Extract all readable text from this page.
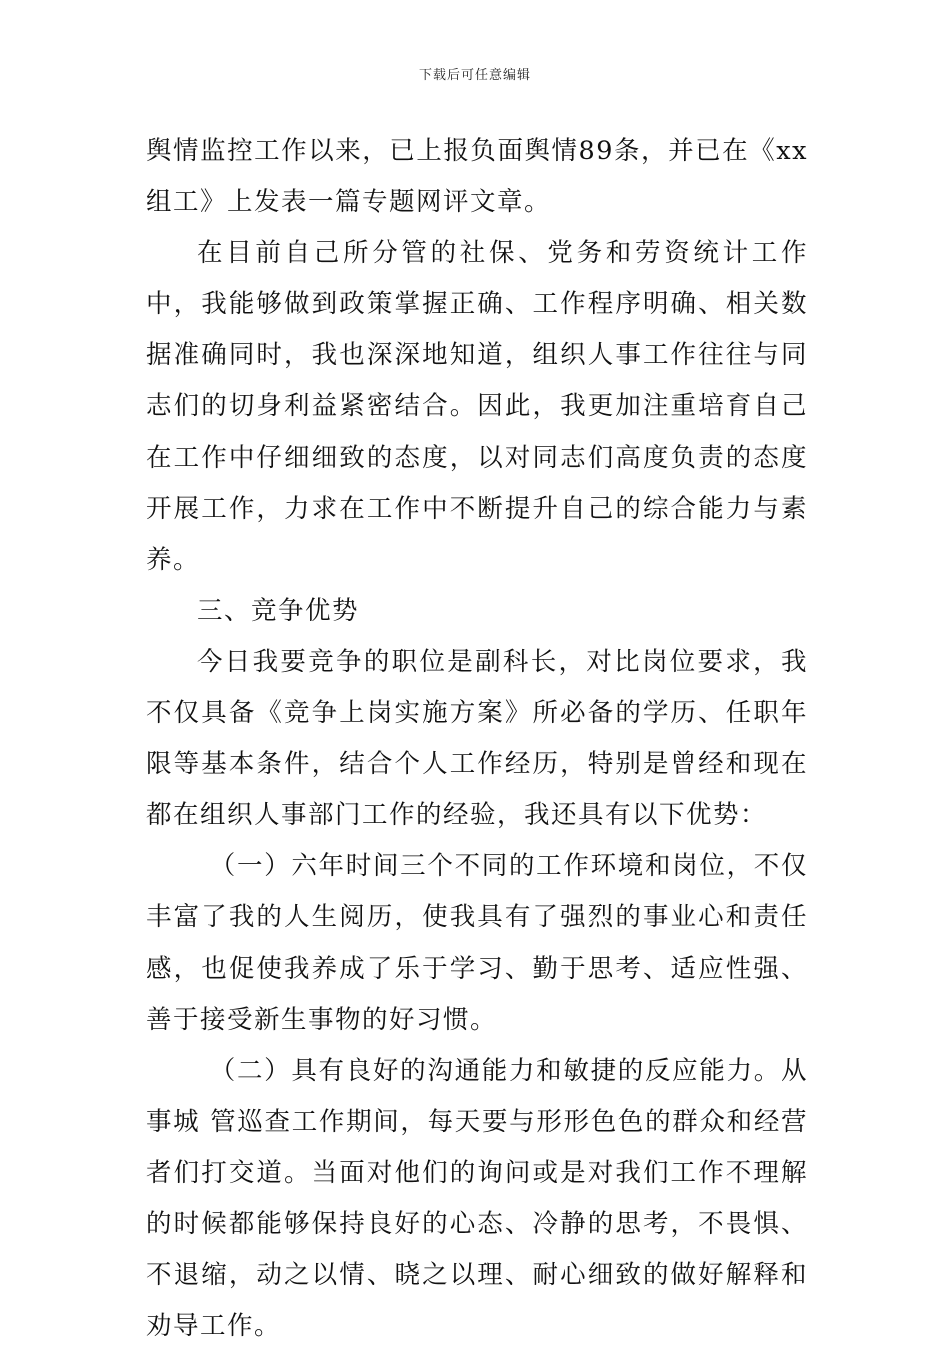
下载后可任意编辑

舆情监控工作以来，已上报负面舆情89条，并已在《xx组工》上发表一篇专题网评文章。

在目前自己所分管的社保、党务和劳资统计工作中，我能够做到政策掌握正确、工作程序明确、相关数据准确同时，我也深深地知道，组织人事工作往往与同志们的切身利益紧密结合。因此，我更加注重培育自己在工作中仔细细致的态度，以对同志们高度负责的态度开展工作，力求在工作中不断提升自己的综合能力与素养。

三、竞争优势

今日我要竞争的职位是副科长，对比岗位要求，我不仅具备《竞争上岗实施方案》所必备的学历、任职年限等基本条件，结合个人工作经历，特别是曾经和现在都在组织人事部门工作的经验，我还具有以下优势：

（一）六年时间三个不同的工作环境和岗位，不仅丰富了我的人生阅历，使我具有了强烈的事业心和责任感，也促使我养成了乐于学习、勤于思考、适应性强、善于接受新生事物的好习惯。

（二）具有良好的沟通能力和敏捷的反应能力。从事城 管巡查工作期间，每天要与形形色色的群众和经营者们打交道。当面对他们的询问或是对我们工作不理解的时候都能够保持良好的心态、冷静的思考，不畏惧、不退缩，动之以情、晓之以理、耐心细致的做好解释和劝导工作。
